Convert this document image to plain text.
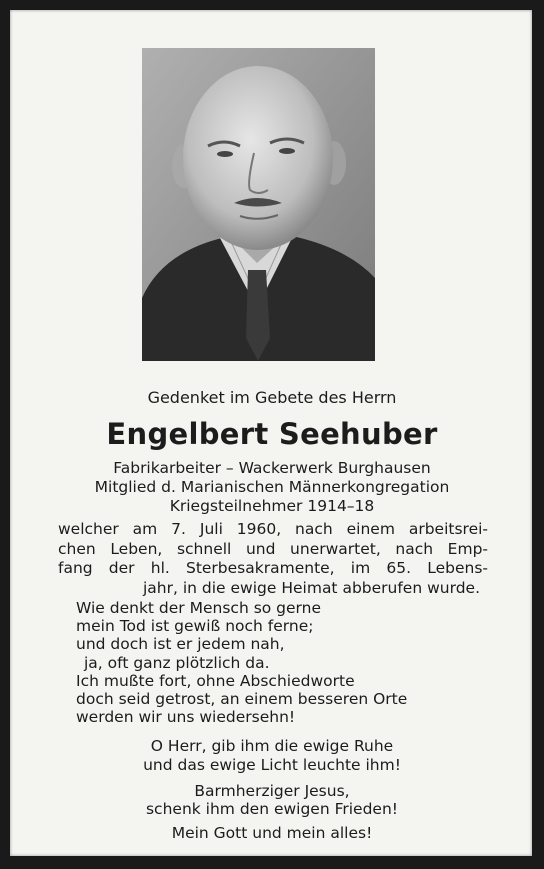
Gedenket im Gebete des Herrn
Engelbert Seehuber
Fabrikarbeiter – Wackerwerk Burghausen
Mitglied d. Marianischen Männerkongregation
Kriegsteilnehmer 1914–18
welcher am 7. Juli 1960, nach einem arbeitsrei-
chen Leben, schnell und unerwartet, nach Emp-
fang der hl. Sterbesakramente, im 65. Lebens-
jahr, in die ewige Heimat abberufen wurde.
Wie denkt der Mensch so gerne
mein Tod ist gewiß noch ferne;
und doch ist er jedem nah,
ja, oft ganz plötzlich da.
Ich mußte fort, ohne Abschiedworte
doch seid getrost, an einem besseren Orte
werden wir uns wiedersehn!
O Herr, gib ihm die ewige Ruhe
und das ewige Licht leuchte ihm!
Barmherziger Jesus,
schenk ihm den ewigen Frieden!
Mein Gott und mein alles!
